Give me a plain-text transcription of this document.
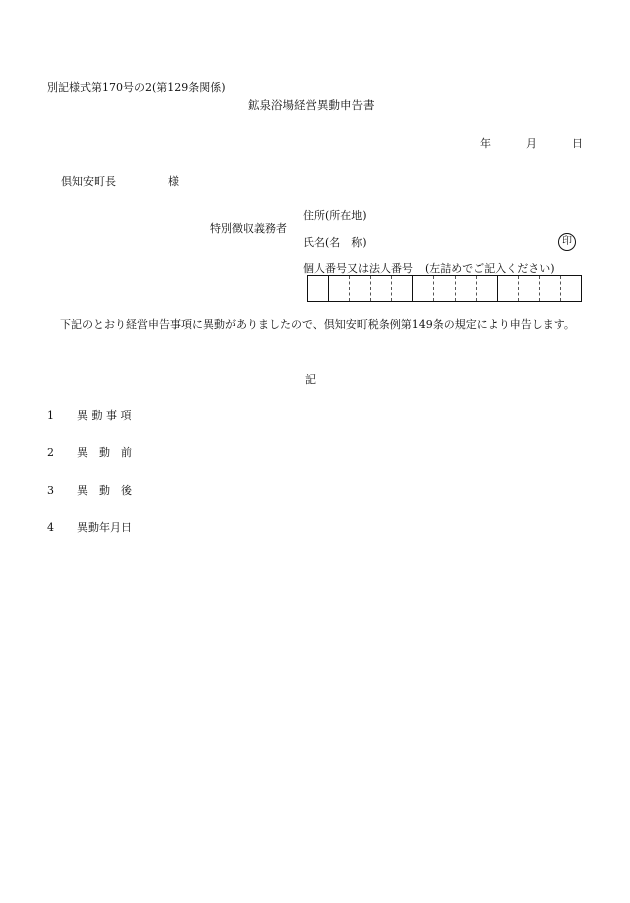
別記様式第170号の2(第129条関係)
鉱泉浴場経営異動申告書
年	月	日
倶知安町長	様
特別徴収義務者
住所(所在地)
氏名(名　称)	印
個人番号又は法人番号 (左詰めでご記入ください)
下記のとおり経営申告事項に異動がありましたので、倶知安町税条例第149条の規定により申告します。
記
1 異 動 事 項
2 異　動　前
3 異　動　後
4 異動年月日
